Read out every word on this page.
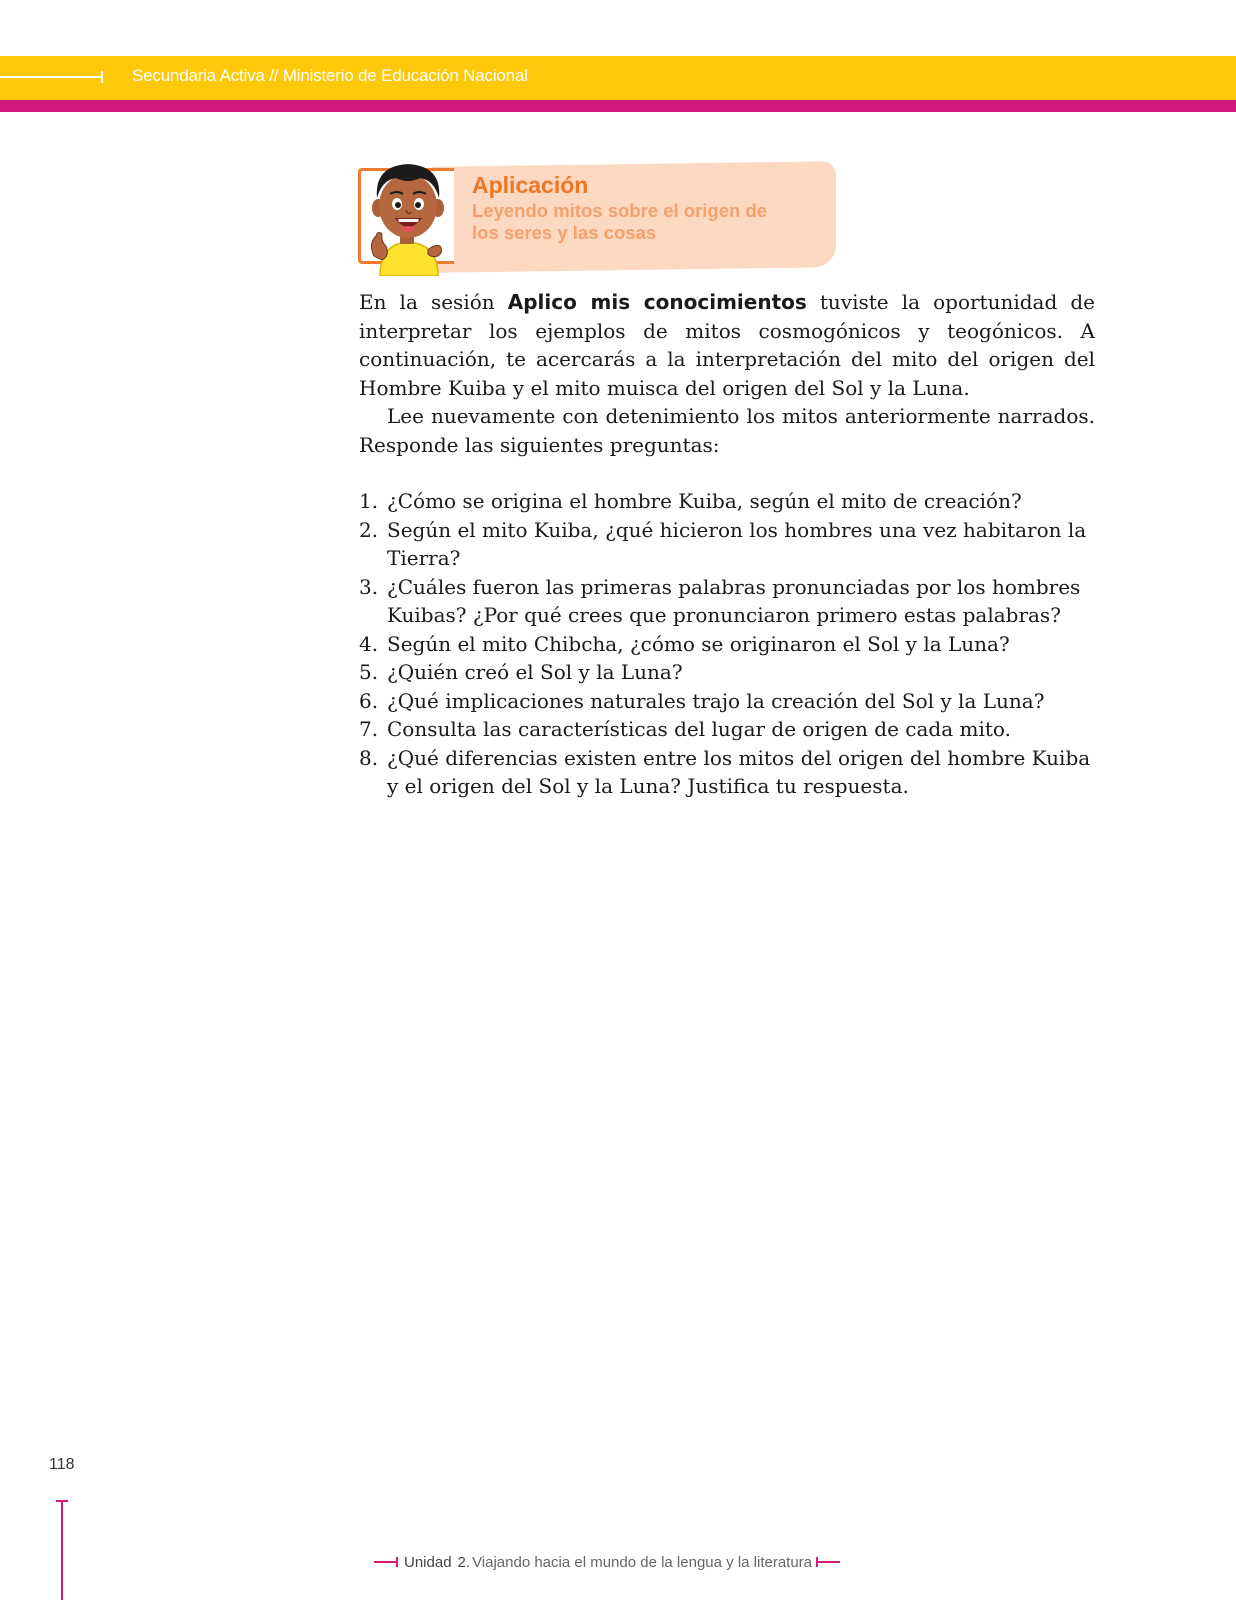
Secundaria Activa // Ministerio de Educación Nacional
Aplicación
Leyendo mitos sobre el origen de
los seres y las cosas

En la sesión Aplico mis conocimientos tuviste la oportunidad de interpretar los ejemplos de mitos cosmogónicos y teogónicos. A continuación, te acercarás a la interpretación del mito del origen del Hombre Kuiba y el mito muisca del origen del Sol y la Luna.

Lee nuevamente con detenimiento los mitos anteriormente narrados. Responde las siguientes preguntas:

1. ¿Cómo se origina el hombre Kuiba, según el mito de creación?
2. Según el mito Kuiba, ¿qué hicieron los hombres una vez habitaron la Tierra?
3. ¿Cuáles fueron las primeras palabras pronunciadas por los hombres Kuibas? ¿Por qué crees que pronunciaron primero estas palabras?
4. Según el mito Chibcha, ¿cómo se originaron el Sol y la Luna?
5. ¿Quién creó el Sol y la Luna?
6. ¿Qué implicaciones naturales trajo la creación del Sol y la Luna?
7. Consulta las características del lugar de origen de cada mito.
8. ¿Qué diferencias existen entre los mitos del origen del hombre Kuiba y el origen del Sol y la Luna? Justifica tu respuesta.
118
Unidad 2. Viajando hacia el mundo de la lengua y la literatura
